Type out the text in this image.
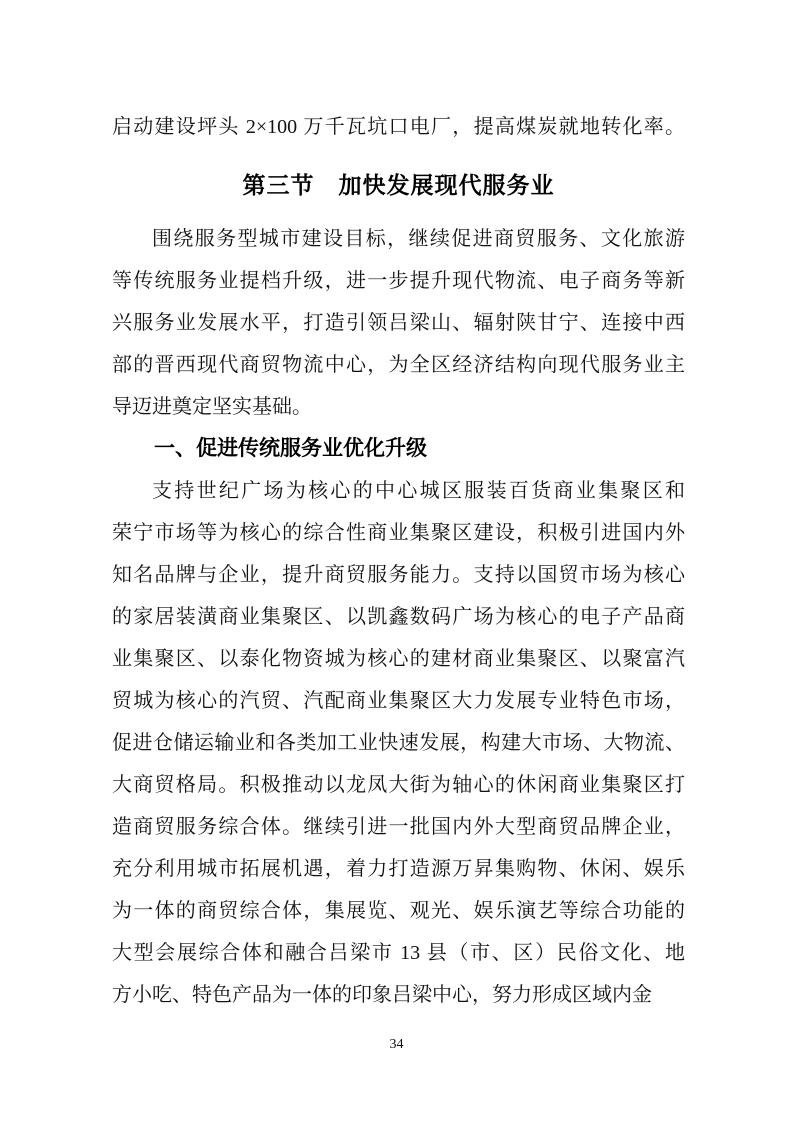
启动建设坪头 2×100 万千瓦坑口电厂，提高煤炭就地转化率。
第三节　加快发展现代服务业
围绕服务型城市建设目标，继续促进商贸服务、文化旅游
等传统服务业提档升级，进一步提升现代物流、电子商务等新
兴服务业发展水平，打造引领吕梁山、辐射陕甘宁、连接中西
部的晋西现代商贸物流中心，为全区经济结构向现代服务业主
导迈进奠定坚实基础。
一、促进传统服务业优化升级
支持世纪广场为核心的中心城区服装百货商业集聚区和
荣宁市场等为核心的综合性商业集聚区建设，积极引进国内外
知名品牌与企业，提升商贸服务能力。支持以国贸市场为核心
的家居装潢商业集聚区、以凯鑫数码广场为核心的电子产品商
业集聚区、以泰化物资城为核心的建材商业集聚区、以聚富汽
贸城为核心的汽贸、汽配商业集聚区大力发展专业特色市场，
促进仓储运输业和各类加工业快速发展，构建大市场、大物流、
大商贸格局。积极推动以龙凤大街为轴心的休闲商业集聚区打
造商贸服务综合体。继续引进一批国内外大型商贸品牌企业，
充分利用城市拓展机遇，着力打造源万昇集购物、休闲、娱乐
为一体的商贸综合体，集展览、观光、娱乐演艺等综合功能的
大型会展综合体和融合吕梁市 13 县（市、区）民俗文化、地
方小吃、特色产品为一体的印象吕梁中心，努力形成区域内金
34
